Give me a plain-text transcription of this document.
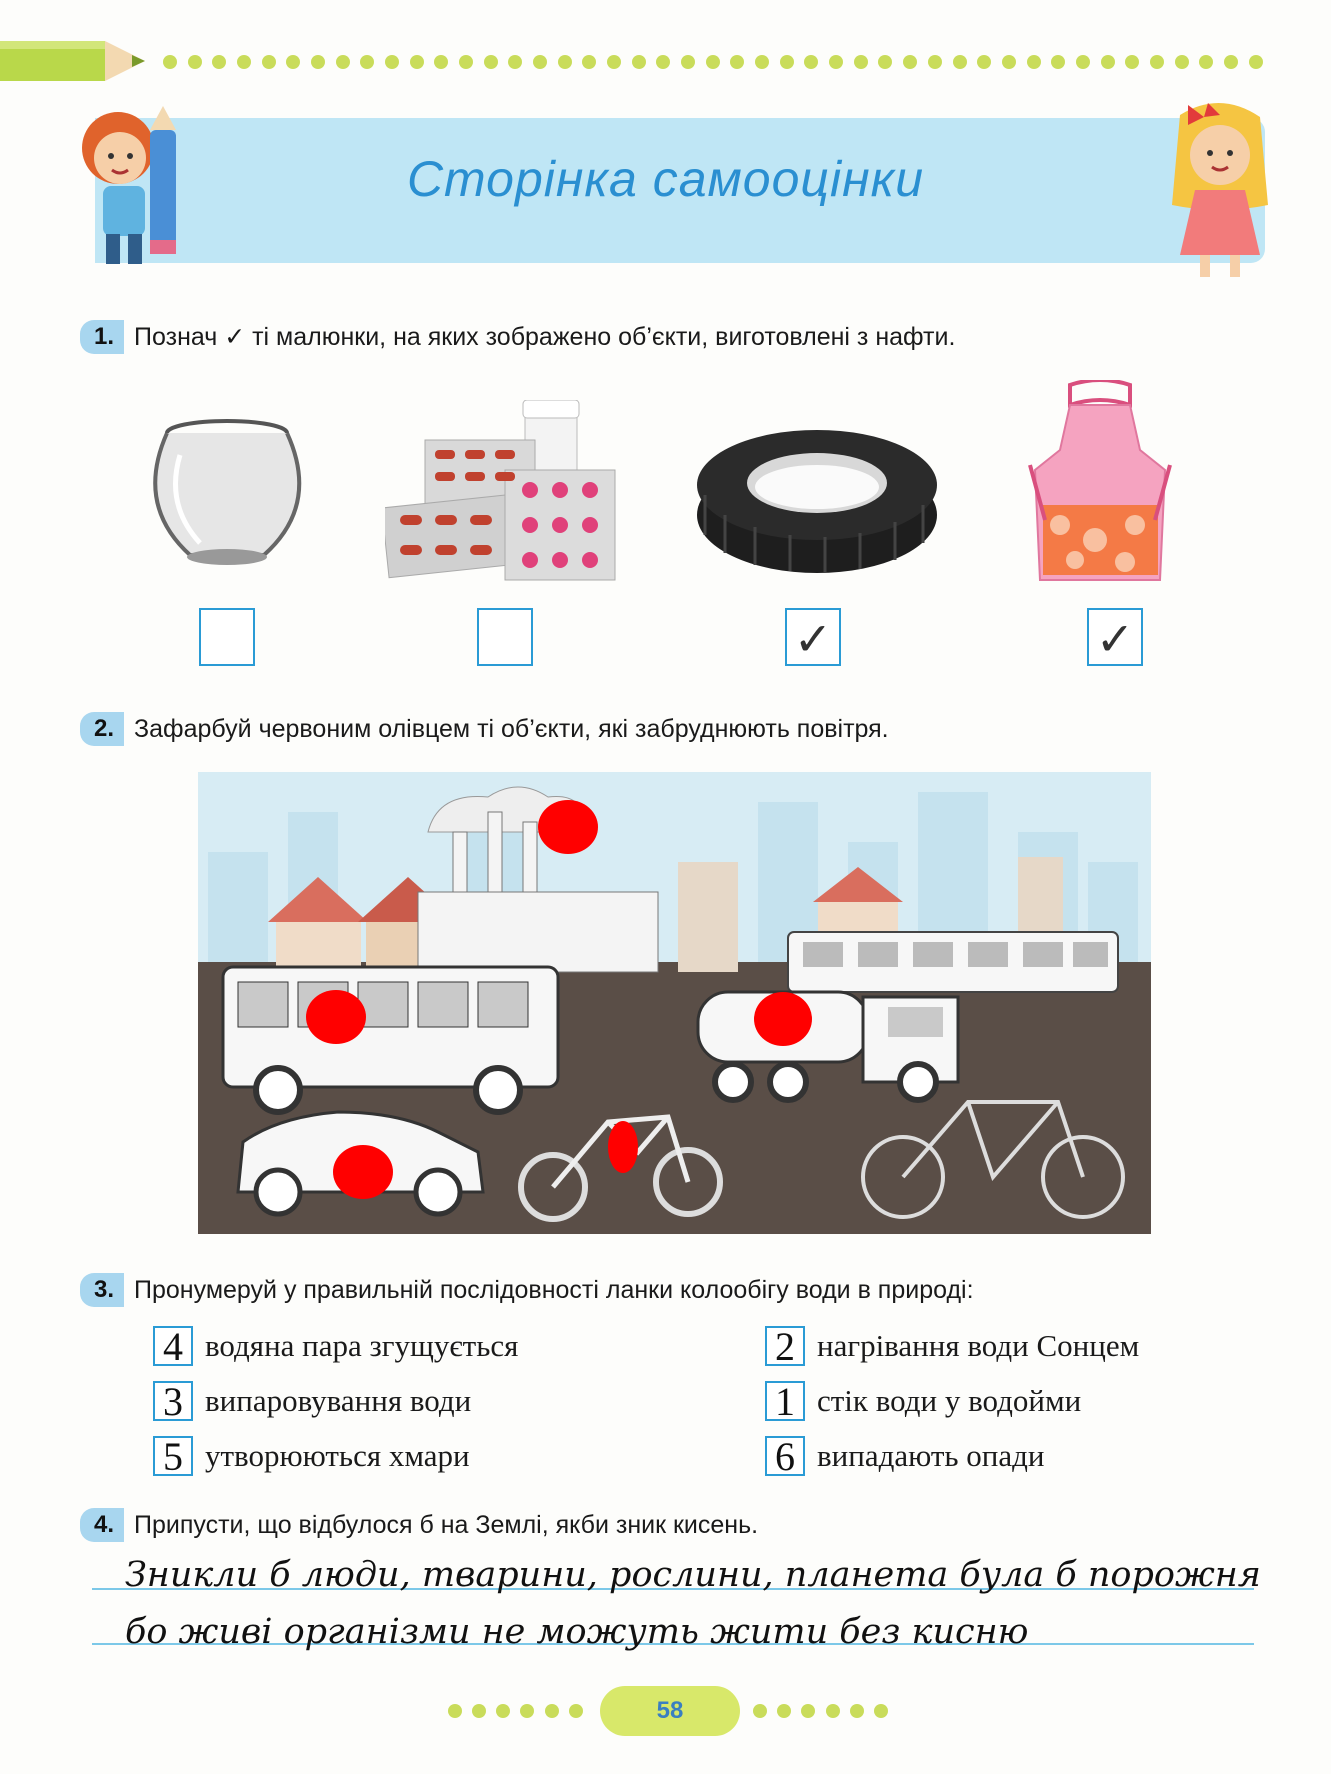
Сторінка самооцінки
1. Познач ✓ ті малюнки, на яких зображено об’єкти, виготовлені з нафти.
✓	✓
2. Зафарбуй червоним олівцем ті об’єкти, які забруднюють повітря.
3. Пронумеруй у правильній послідовності ланки колообігу води в природі:
4 водяна пара згущується
3 випаровування води
5 утворюються хмари
2 нагрівання води Сонцем
1 стік води у водойми
6 випадають опади
4. Припусти, що відбулося б на Землі, якби зник кисень.
Зникли б люди, тварини, рослини, планета була б порожня
бо живі організми не можуть жити без кисню
58
